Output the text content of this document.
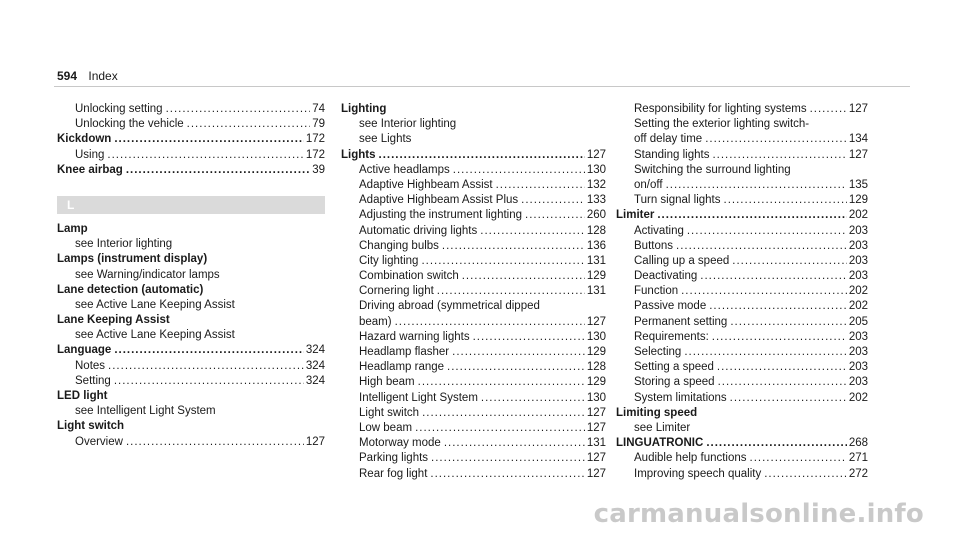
594 Index
Unlocking setting .....	74
Unlocking the vehicle .....	79
Kickdown .....	172
Using .....	172
Knee airbag .....	39
L
Lamp
see Interior lighting
Lamps (instrument display)
see Warning/indicator lamps
Lane detection (automatic)
see Active Lane Keeping Assist
Lane Keeping Assist
see Active Lane Keeping Assist
Language .....	324
Notes .....	324
Setting .....	324
LED light
see Intelligent Light System
Light switch
Overview .....	127
Lighting
see Interior lighting
see Lights
Lights .....	127
Active headlamps .....	130
Adaptive Highbeam Assist .....	132
Adaptive Highbeam Assist Plus .....	133
Adjusting the instrument lighting .....	260
Automatic driving lights .....	128
Changing bulbs .....	136
City lighting .....	131
Combination switch .....	129
Cornering light .....	131
Driving abroad (symmetrical dipped
beam) .....	127
Hazard warning lights .....	130
Headlamp flasher .....	129
Headlamp range .....	128
High beam .....	129
Intelligent Light System .....	130
Light switch .....	127
Low beam .....	127
Motorway mode .....	131
Parking lights .....	127
Rear fog light .....	127
Responsibility for lighting systems .....	127
Setting the exterior lighting switch-
off delay time .....	134
Standing lights .....	127
Switching the surround lighting
on/off .....	135
Turn signal lights .....	129
Limiter .....	202
Activating .....	203
Buttons .....	203
Calling up a speed .....	203
Deactivating .....	203
Function .....	202
Passive mode .....	202
Permanent setting .....	205
Requirements: .....	203
Selecting .....	203
Setting a speed .....	203
Storing a speed .....	203
System limitations .....	202
Limiting speed
see Limiter
LINGUATRONIC .....	268
Audible help functions .....	271
Improving speech quality .....	272
carmanualsonline.info
